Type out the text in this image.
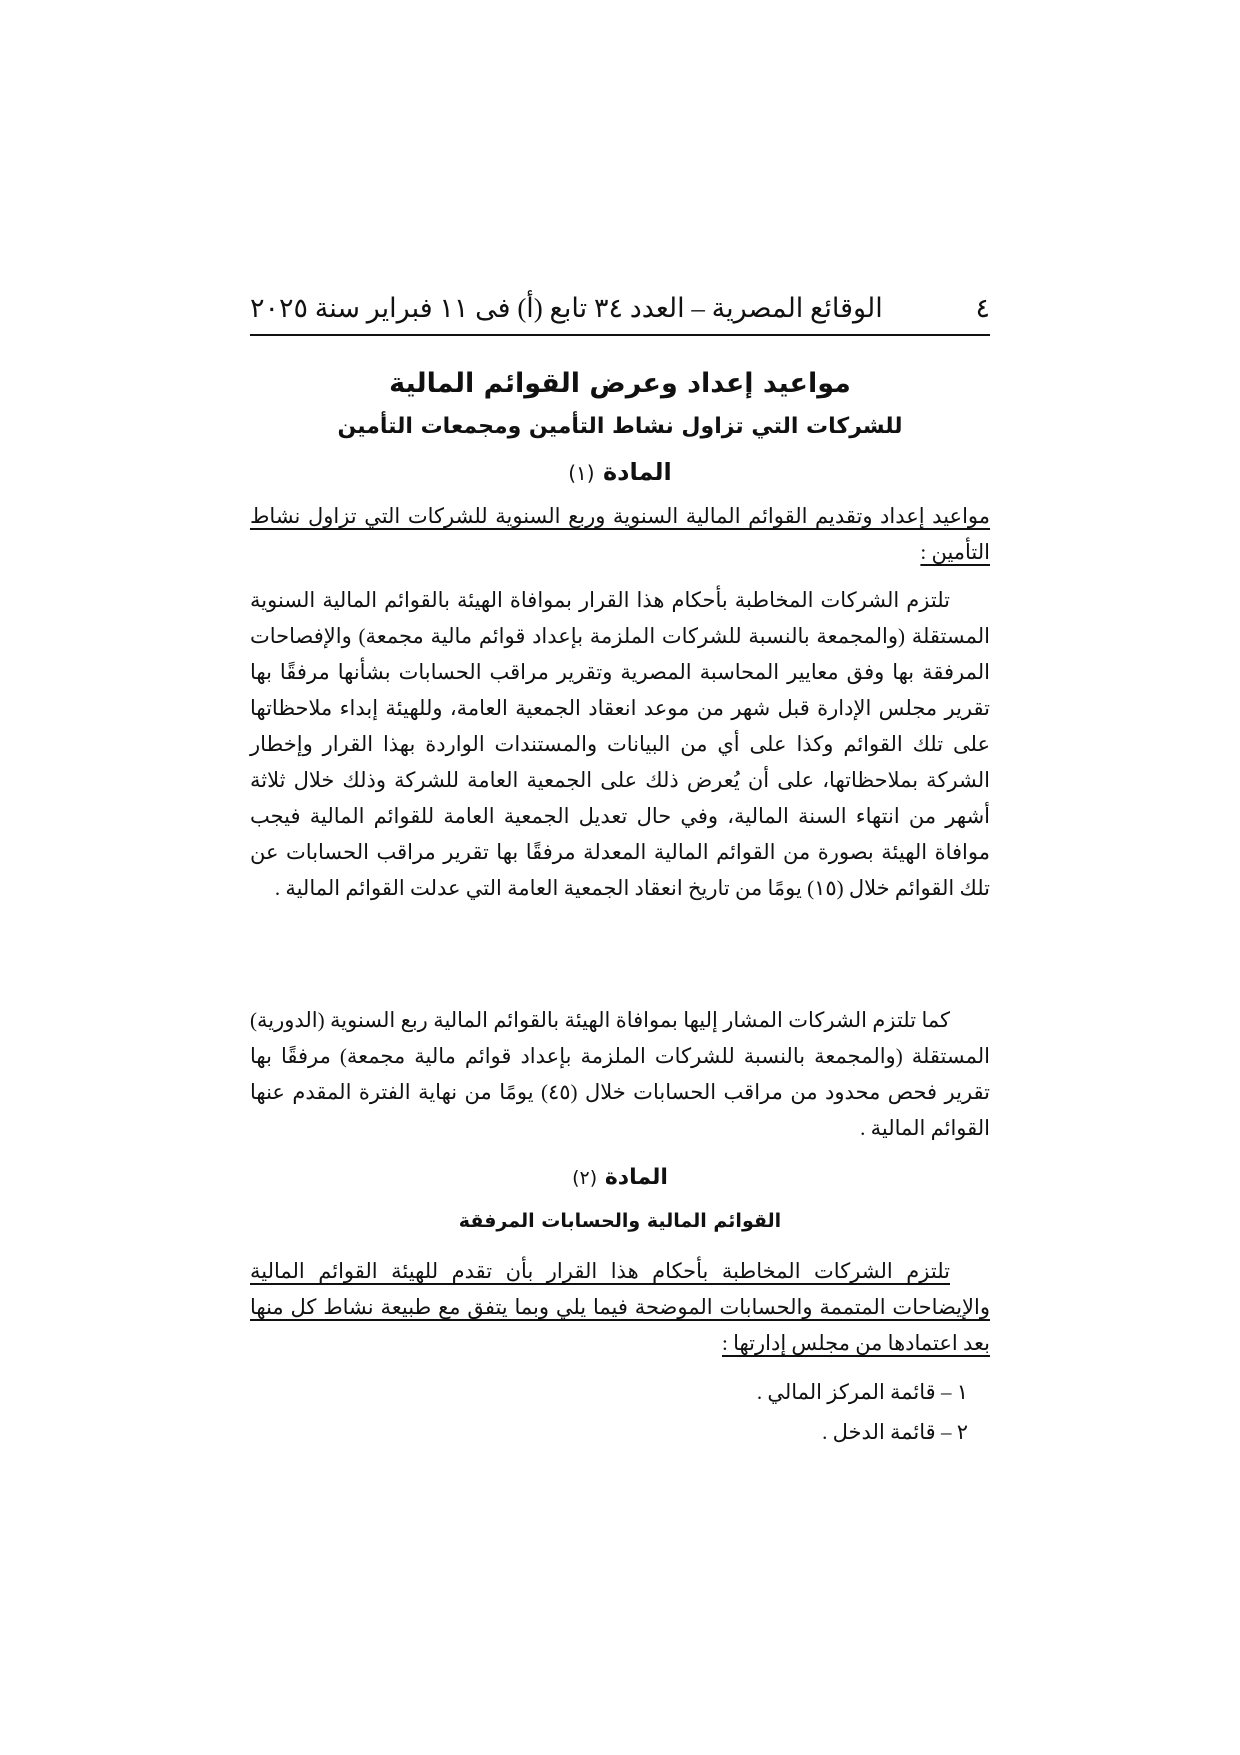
٤
الوقائع المصرية – العدد ٣٤ تابع (أ) فى ١١ فبراير سنة ٢٠٢٥
مواعيد إعداد وعرض القوائم المالية
للشركات التي تزاول نشاط التأمين ومجمعات التأمين
المادة (١)

مواعيد إعداد وتقديم القوائم المالية السنوية وربع السنوية للشركات التي تزاول نشاط التأمين :

تلتزم الشركات المخاطبة بأحكام هذا القرار بموافاة الهيئة بالقوائم المالية السنوية المستقلة (والمجمعة بالنسبة للشركات الملزمة بإعداد قوائم مالية مجمعة) والإفصاحات المرفقة بها وفق معايير المحاسبة المصرية وتقرير مراقب الحسابات بشأنها مرفقًا بها تقرير مجلس الإدارة قبل شهر من موعد انعقاد الجمعية العامة، وللهيئة إبداء ملاحظاتها على تلك القوائم وكذا على أي من البيانات والمستندات الواردة بهذا القرار وإخطار الشركة بملاحظاتها، على أن يُعرض ذلك على الجمعية العامة للشركة وذلك خلال ثلاثة أشهر من انتهاء السنة المالية، وفي حال تعديل الجمعية العامة للقوائم المالية فيجب موافاة الهيئة بصورة من القوائم المالية المعدلة مرفقًا بها تقرير مراقب الحسابات عن تلك القوائم خلال (١٥) يومًا من تاريخ انعقاد الجمعية العامة التي عدلت القوائم المالية .

كما تلتزم الشركات المشار إليها بموافاة الهيئة بالقوائم المالية ربع السنوية (الدورية) المستقلة (والمجمعة بالنسبة للشركات الملزمة بإعداد قوائم مالية مجمعة) مرفقًا بها تقرير فحص محدود من مراقب الحسابات خلال (٤٥) يومًا من نهاية الفترة المقدم عنها القوائم المالية .

المادة (٢)
القوائم المالية والحسابات المرفقة

تلتزم الشركات المخاطبة بأحكام هذا القرار بأن تقدم للهيئة القوائم المالية والإيضاحات المتممة والحسابات الموضحة فيما يلي وبما يتفق مع طبيعة نشاط كل منها بعد اعتمادها من مجلس إدارتها :

١ – قائمة المركز المالي .
٢ – قائمة الدخل .
